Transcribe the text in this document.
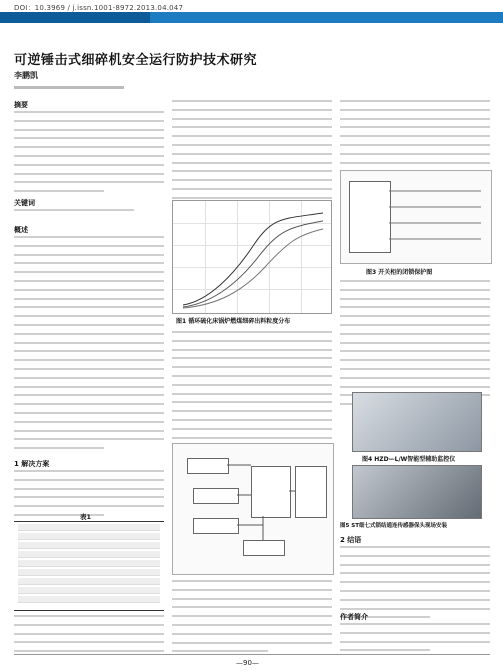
DOI：10.3969 / j.issn.1001-8972.2013.04.047
可逆锤击式细碎机安全运行防护技术研究
李鹏凯
摘要
关键词
概述
1 解决方案
表1
图1 循环硫化床锅炉燃煤细碎出料粒度分布
图3 开关柜的闭锁保护图
图4 HZD—L/W智能型辅助监控仪
图5 ST细七式锁结通连传感器保头现场安装
2 结语
作者简介
—90—
